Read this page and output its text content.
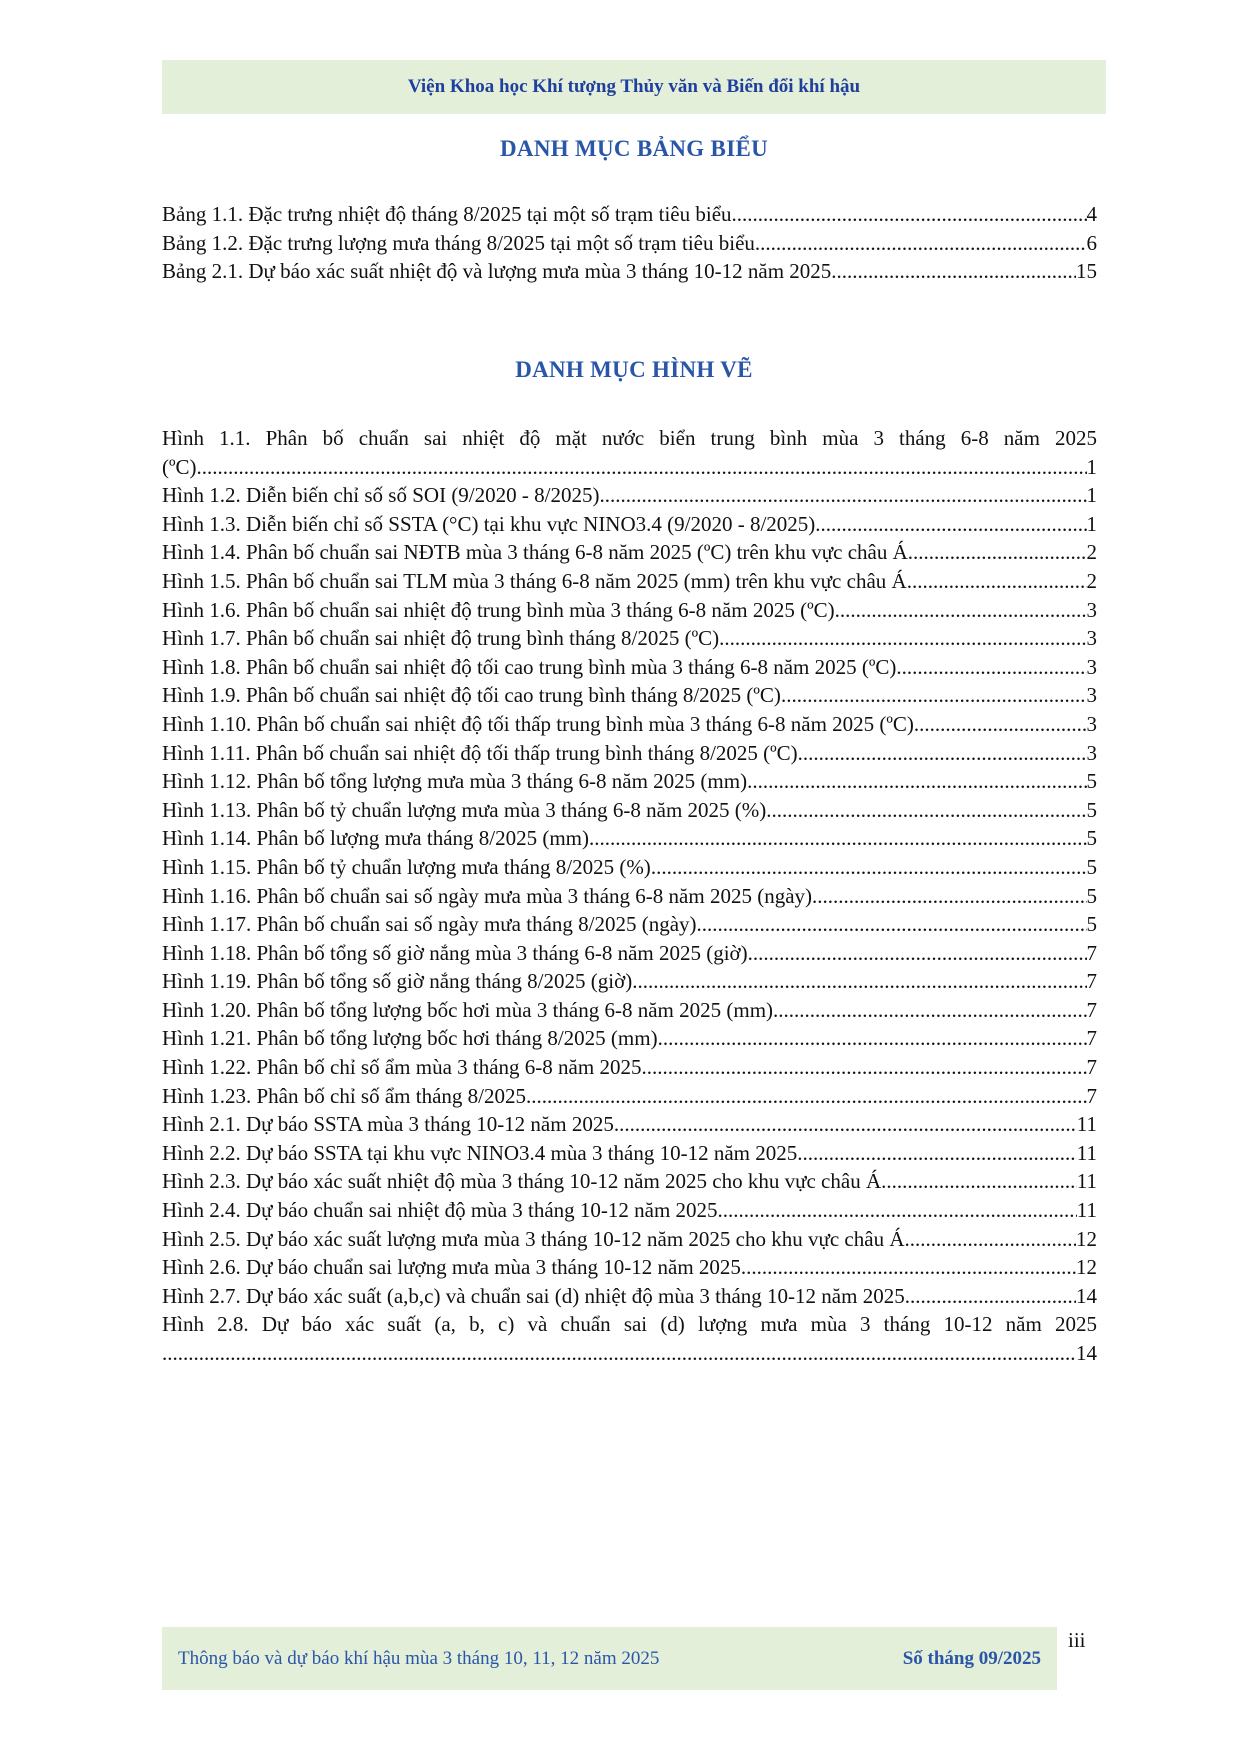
Viện Khoa học Khí tượng Thủy văn và Biến đổi khí hậu
DANH MỤC BẢNG BIỂU
Bảng 1.1. Đặc trưng nhiệt độ tháng 8/2025 tại một số trạm tiêu biểu .....	4
Bảng 1.2. Đặc trưng lượng mưa tháng 8/2025 tại một số trạm tiêu biểu .....	6
Bảng 2.1. Dự báo xác suất nhiệt độ và lượng mưa mùa 3 tháng 10-12 năm 2025 .....	15
DANH MỤC HÌNH VẼ
Hình 1.1. Phân bố chuẩn sai nhiệt độ mặt nước biển trung bình mùa 3 tháng 6-8 năm 2025
(ºC) .....	1
Hình 1.2. Diễn biến chỉ số số SOI (9/2020 - 8/2025) .....	1
Hình 1.3. Diễn biến chỉ số SSTA (°C) tại khu vực NINO3.4 (9/2020 - 8/2025) .....	1
Hình 1.4. Phân bố chuẩn sai NĐTB mùa 3 tháng 6-8 năm 2025 (ºC) trên khu vực châu Á .....	2
Hình 1.5. Phân bố chuẩn sai TLM mùa 3 tháng 6-8 năm 2025 (mm) trên khu vực châu Á .....	2
Hình 1.6. Phân bố chuẩn sai nhiệt độ trung bình mùa 3 tháng 6-8 năm 2025 (ºC) .....	3
Hình 1.7. Phân bố chuẩn sai nhiệt độ trung bình tháng 8/2025 (ºC) .....	3
Hình 1.8. Phân bố chuẩn sai nhiệt độ tối cao trung bình mùa 3 tháng 6-8 năm 2025 (ºC) .....	3
Hình 1.9. Phân bố chuẩn sai nhiệt độ tối cao trung bình tháng 8/2025 (ºC) .....	3
Hình 1.10. Phân bố chuẩn sai nhiệt độ tối thấp trung bình mùa 3 tháng 6-8 năm 2025 (ºC) .....	3
Hình 1.11. Phân bố chuẩn sai nhiệt độ tối thấp trung bình tháng 8/2025 (ºC) .....	3
Hình 1.12. Phân bố tổng lượng mưa mùa 3 tháng 6-8 năm 2025 (mm) .....	5
Hình 1.13. Phân bố tỷ chuẩn lượng mưa mùa 3 tháng 6-8 năm 2025 (%) .....	5
Hình 1.14. Phân bố lượng mưa tháng 8/2025 (mm) .....	5
Hình 1.15. Phân bố tỷ chuẩn lượng mưa tháng 8/2025 (%) .....	5
Hình 1.16. Phân bố chuẩn sai số ngày mưa mùa 3 tháng 6-8 năm 2025 (ngày) .....	5
Hình 1.17. Phân bố chuẩn sai số ngày mưa tháng 8/2025 (ngày) .....	5
Hình 1.18. Phân bố tổng số giờ nắng mùa 3 tháng 6-8 năm 2025 (giờ) .....	7
Hình 1.19. Phân bố tổng số giờ nắng tháng 8/2025 (giờ) .....	7
Hình 1.20. Phân bố tổng lượng bốc hơi mùa 3 tháng 6-8 năm 2025 (mm) .....	7
Hình 1.21. Phân bố tổng lượng bốc hơi tháng 8/2025 (mm) .....	7
Hình 1.22. Phân bố chỉ số ẩm mùa 3 tháng 6-8 năm 2025 .....	7
Hình 1.23. Phân bố chỉ số ẩm tháng 8/2025 .....	7
Hình 2.1. Dự báo SSTA mùa 3 tháng 10-12 năm 2025 .....	11
Hình 2.2. Dự báo SSTA tại khu vực NINO3.4 mùa 3 tháng 10-12 năm 2025 .....	11
Hình 2.3. Dự báo xác suất nhiệt độ mùa 3 tháng 10-12 năm 2025 cho khu vực châu Á .....	11
Hình 2.4. Dự báo chuẩn sai nhiệt độ mùa 3 tháng 10-12 năm 2025 .....	11
Hình 2.5. Dự báo xác suất lượng mưa mùa 3 tháng 10-12 năm 2025 cho khu vực châu Á .....	12
Hình 2.6. Dự báo chuẩn sai lượng mưa mùa 3 tháng 10-12 năm 2025 .....	12
Hình 2.7. Dự báo xác suất (a,b,c) và chuẩn sai (d) nhiệt độ mùa 3 tháng 10-12 năm 2025 .....	14
Hình 2.8. Dự báo xác suất (a, b, c) và chuẩn sai (d) lượng mưa mùa 3 tháng 10-12 năm 2025
.....
14
Thông báo và dự báo khí hậu mùa 3 tháng 10, 11, 12 năm 2025	Số tháng 09/2025
iii
